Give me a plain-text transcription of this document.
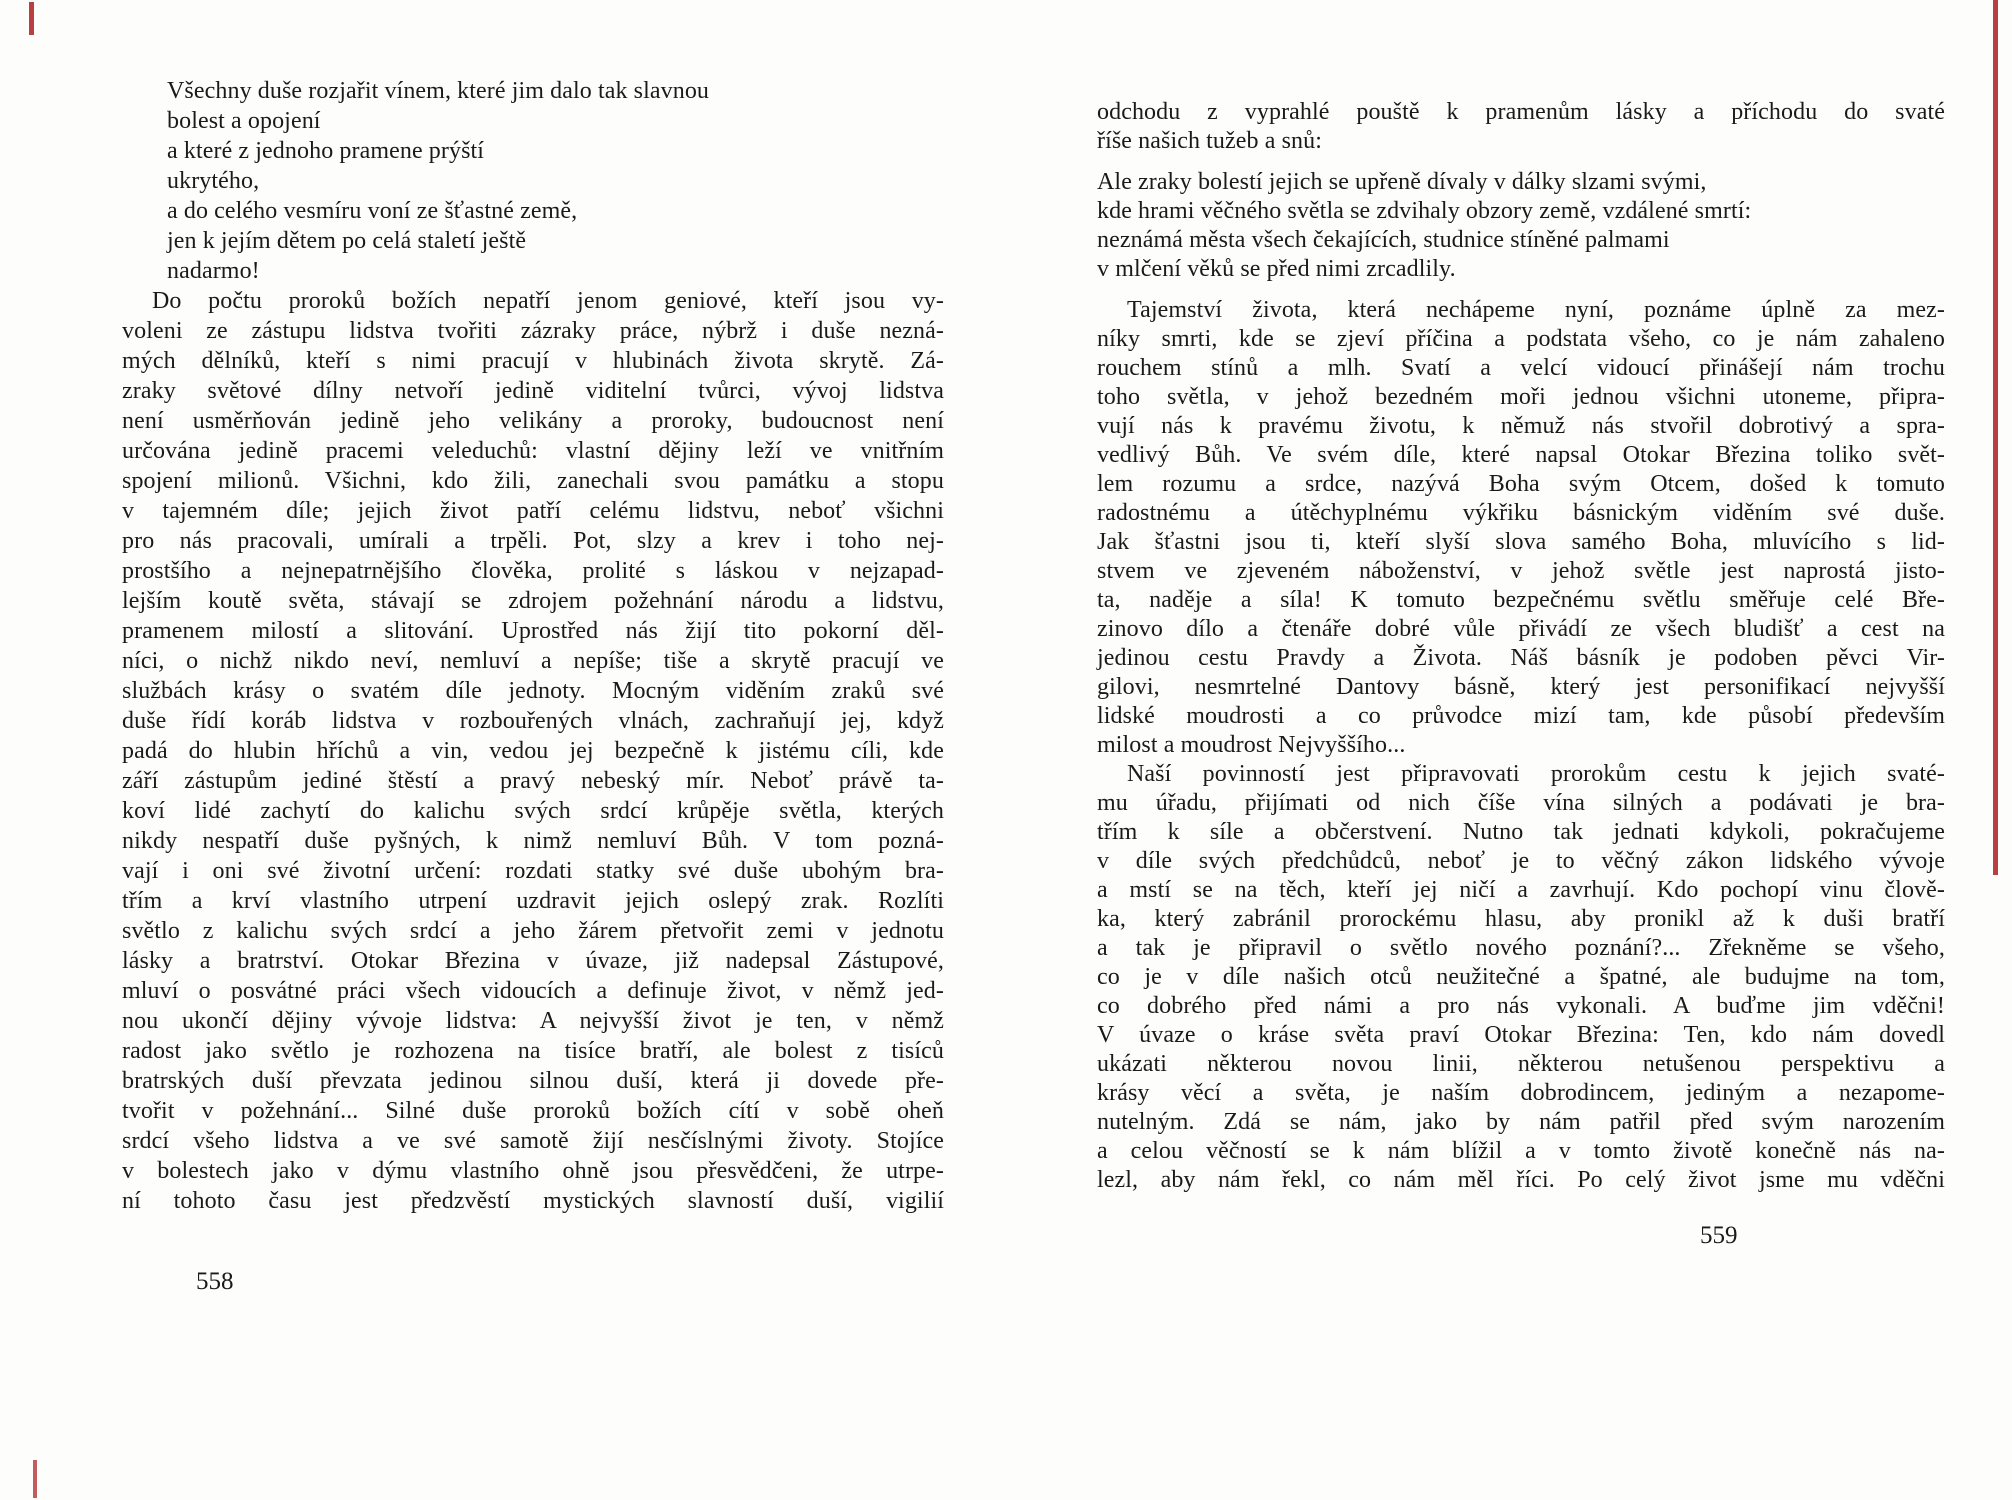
Všechny duše rozjařit vínem, které jim dalo tak slavnou
bolest a opojení
a které z jednoho pramene prýští
ukrytého,
a do celého vesmíru voní ze šťastné země,
jen k jejím dětem po celá staletí ještě
nadarmo!
Do počtu proroků božích nepatří jenom geniové, kteří jsou vy-
voleni ze zástupu lidstva tvořiti zázraky práce, nýbrž i duše nezná-
mých dělníků, kteří s nimi pracují v hlubinách života skrytě. Zá-
zraky světové dílny netvoří jedině viditelní tvůrci, vývoj lidstva
není usměrňován jedině jeho velikány a proroky, budoucnost není
určována jedině pracemi veleduchů: vlastní dějiny leží ve vnitřním
spojení milionů. Všichni, kdo žili, zanechali svou památku a stopu
v tajemném díle; jejich život patří celému lidstvu, neboť všichni
pro nás pracovali, umírali a trpěli. Pot, slzy a krev i toho nej-
prostšího a nejnepatrnějšího člověka, prolité s láskou v nejzapad-
lejším koutě světa, stávají se zdrojem požehnání národu a lidstvu,
pramenem milostí a slitování. Uprostřed nás žijí tito pokorní děl-
níci, o nichž nikdo neví, nemluví a nepíše; tiše a skrytě pracují ve
službách krásy o svatém díle jednoty. Mocným viděním zraků své
duše řídí koráb lidstva v rozbouřených vlnách, zachraňují jej, když
padá do hlubin hříchů a vin, vedou jej bezpečně k jistému cíli, kde
září zástupům jediné štěstí a pravý nebeský mír. Neboť právě ta-
koví lidé zachytí do kalichu svých srdcí krůpěje světla, kterých
nikdy nespatří duše pyšných, k nimž nemluví Bůh. V tom pozná-
vají i oni své životní určení: rozdati statky své duše ubohým bra-
třím a krví vlastního utrpení uzdravit jejich oslepý zrak. Rozlíti
světlo z kalichu svých srdcí a jeho žárem přetvořit zemi v jednotu
lásky a bratrství. Otokar Březina v úvaze, již nadepsal Zástupové,
mluví o posvátné práci všech vidoucích a definuje život, v němž jed-
nou ukončí dějiny vývoje lidstva: A nejvyšší život je ten, v němž
radost jako světlo je rozhozena na tisíce bratří, ale bolest z tisíců
bratrských duší převzata jedinou silnou duší, která ji dovede pře-
tvořit v požehnání... Silné duše proroků božích cítí v sobě oheň
srdcí všeho lidstva a ve své samotě žijí nesčíslnými životy. Stojíce
v bolestech jako v dýmu vlastního ohně jsou přesvědčeni, že utrpe-
ní tohoto času jest předzvěstí mystických slavností duší, vigilií
odchodu z vyprahlé pouště k pramenům lásky a příchodu do svaté
říše našich tužeb a snů:
Ale zraky bolestí jejich se upřeně dívaly v dálky slzami svými,
kde hrami věčného světla se zdvihaly obzory země, vzdálené smrtí:
neznámá města všech čekajících, studnice stíněné palmami
v mlčení věků se před nimi zrcadlily.
Tajemství života, která nechápeme nyní, poznáme úplně za mez-
níky smrti, kde se zjeví příčina a podstata všeho, co je nám zahaleno
rouchem stínů a mlh. Svatí a velcí vidoucí přinášejí nám trochu
toho světla, v jehož bezedném moři jednou všichni utoneme, připra-
vují nás k pravému životu, k němuž nás stvořil dobrotivý a spra-
vedlivý Bůh. Ve svém díle, které napsal Otokar Březina toliko svět-
lem rozumu a srdce, nazývá Boha svým Otcem, došed k tomuto
radostnému a útěchyplnému výkřiku básnickým viděním své duše.
Jak šťastni jsou ti, kteří slyší slova samého Boha, mluvícího s lid-
stvem ve zjeveném náboženství, v jehož světle jest naprostá jisto-
ta, naděje a síla! K tomuto bezpečnému světlu směřuje celé Bře-
zinovo dílo a čtenáře dobré vůle přivádí ze všech bludišť a cest na
jedinou cestu Pravdy a Života. Náš básník je podoben pěvci Vir-
gilovi, nesmrtelné Dantovy básně, který jest personifikací nejvyšší
lidské moudrosti a co průvodce mizí tam, kde působí především
milost a moudrost Nejvyššího...
Naší povinností jest připravovati prorokům cestu k jejich svaté-
mu úřadu, přijímati od nich číše vína silných a podávati je bra-
třím k síle a občerstvení. Nutno tak jednati kdykoli, pokračujeme
v díle svých předchůdců, neboť je to věčný zákon lidského vývoje
a mstí se na těch, kteří jej ničí a zavrhují. Kdo pochopí vinu člově-
ka, který zabránil prorockému hlasu, aby pronikl až k duši bratří
a tak je připravil o světlo nového poznání?... Zřekněme se všeho,
co je v díle našich otců neužitečné a špatné, ale budujme na tom,
co dobrého před námi a pro nás vykonali. A buďme jim vděčni!
V úvaze o kráse světa praví Otokar Březina: Ten, kdo nám dovedl
ukázati některou novou linii, některou netušenou perspektivu a
krásy věcí a světa, je naším dobrodincem, jediným a nezapome-
nutelným. Zdá se nám, jako by nám patřil před svým narozením
a celou věčností se k nám blížil a v tomto životě konečně nás na-
lezl, aby nám řekl, co nám měl říci. Po celý život jsme mu vděčni
558
559
